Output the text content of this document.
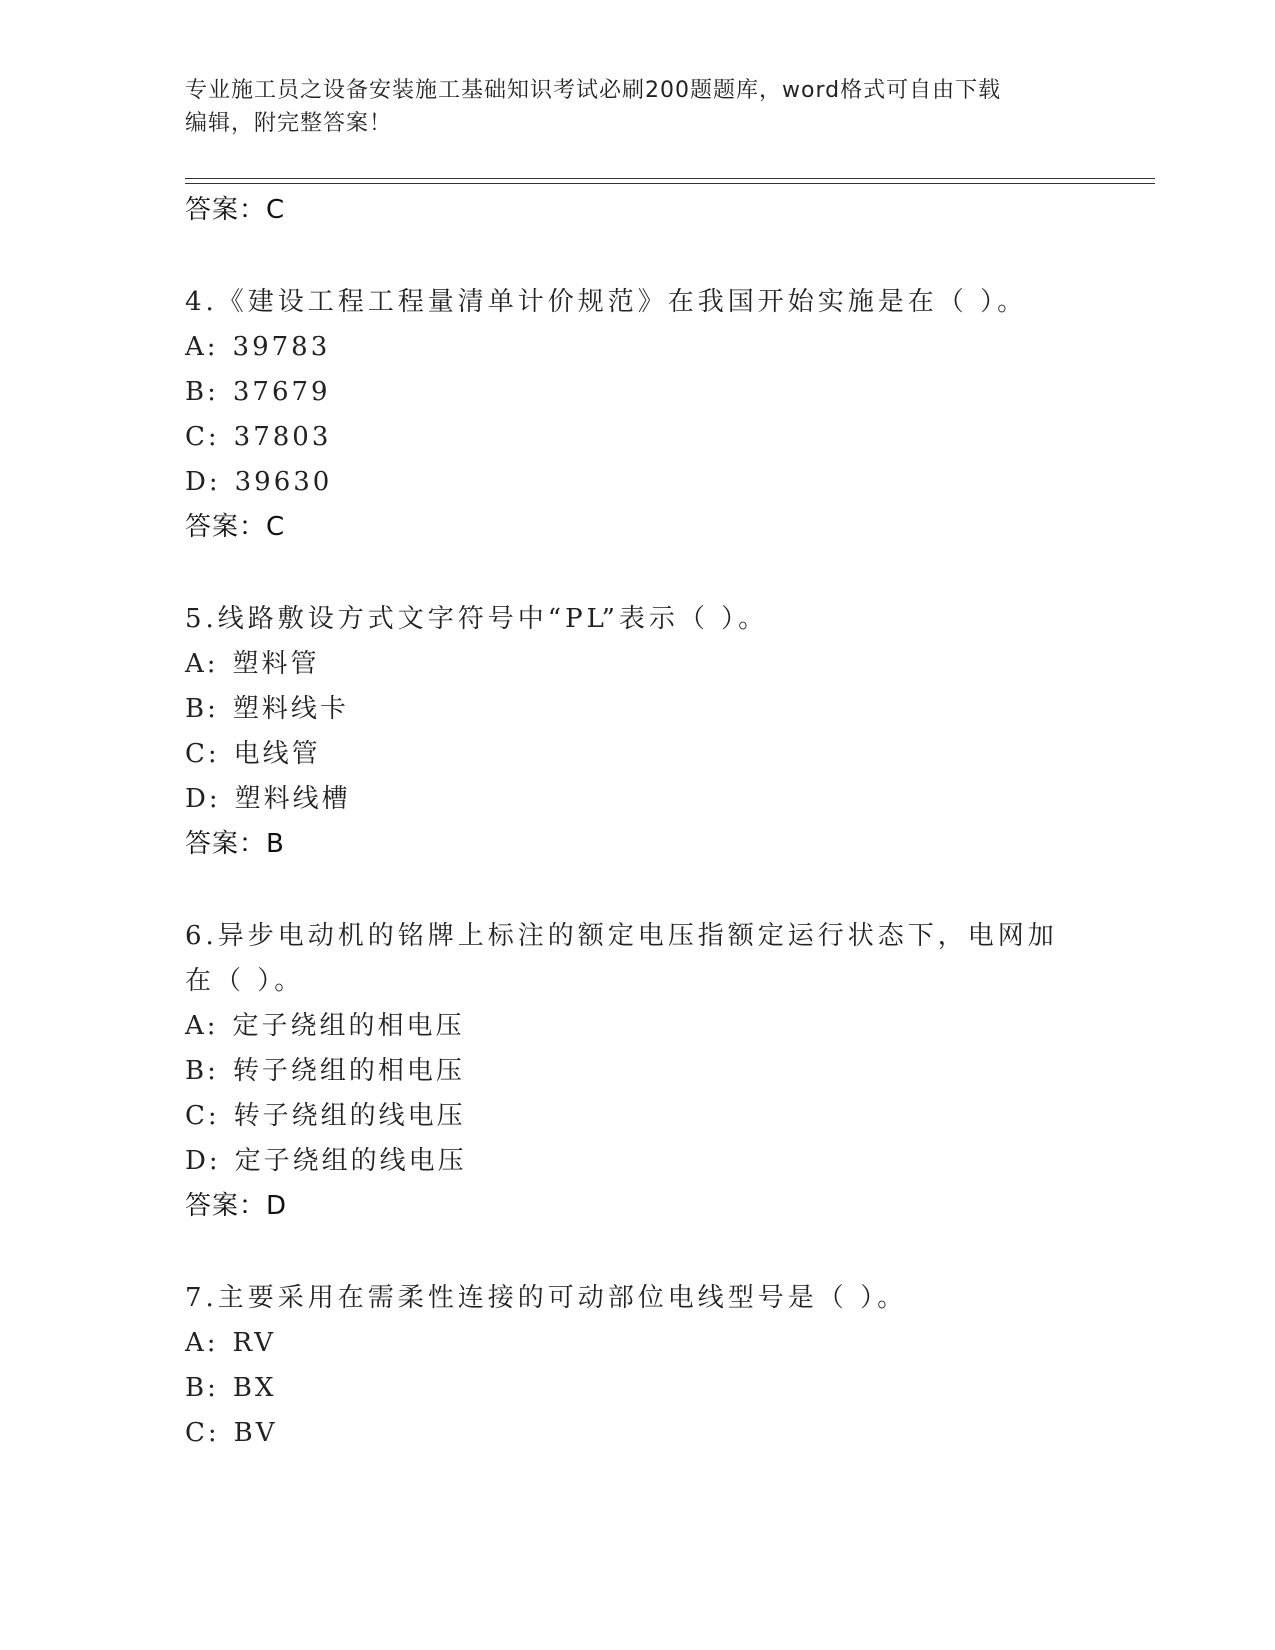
专业施工员之设备安装施工基础知识考试必刷200题题库，word格式可自由下载
编辑，附完整答案！
答案：C
4.《建设工程工程量清单计价规范》在我国开始实施是在（ ）。
A: 39783
B: 37679
C: 37803
D: 39630
答案：C
5.线路敷设方式文字符号中“PL”表示（ ）。
A: 塑料管
B: 塑料线卡
C: 电线管
D: 塑料线槽
答案：B
6.异步电动机的铭牌上标注的额定电压指额定运行状态下，电网加在（ ）。
A: 定子绕组的相电压
B: 转子绕组的相电压
C: 转子绕组的线电压
D: 定子绕组的线电压
答案：D
7.主要采用在需柔性连接的可动部位电线型号是（ ）。
A: RV
B: BX
C: BV
